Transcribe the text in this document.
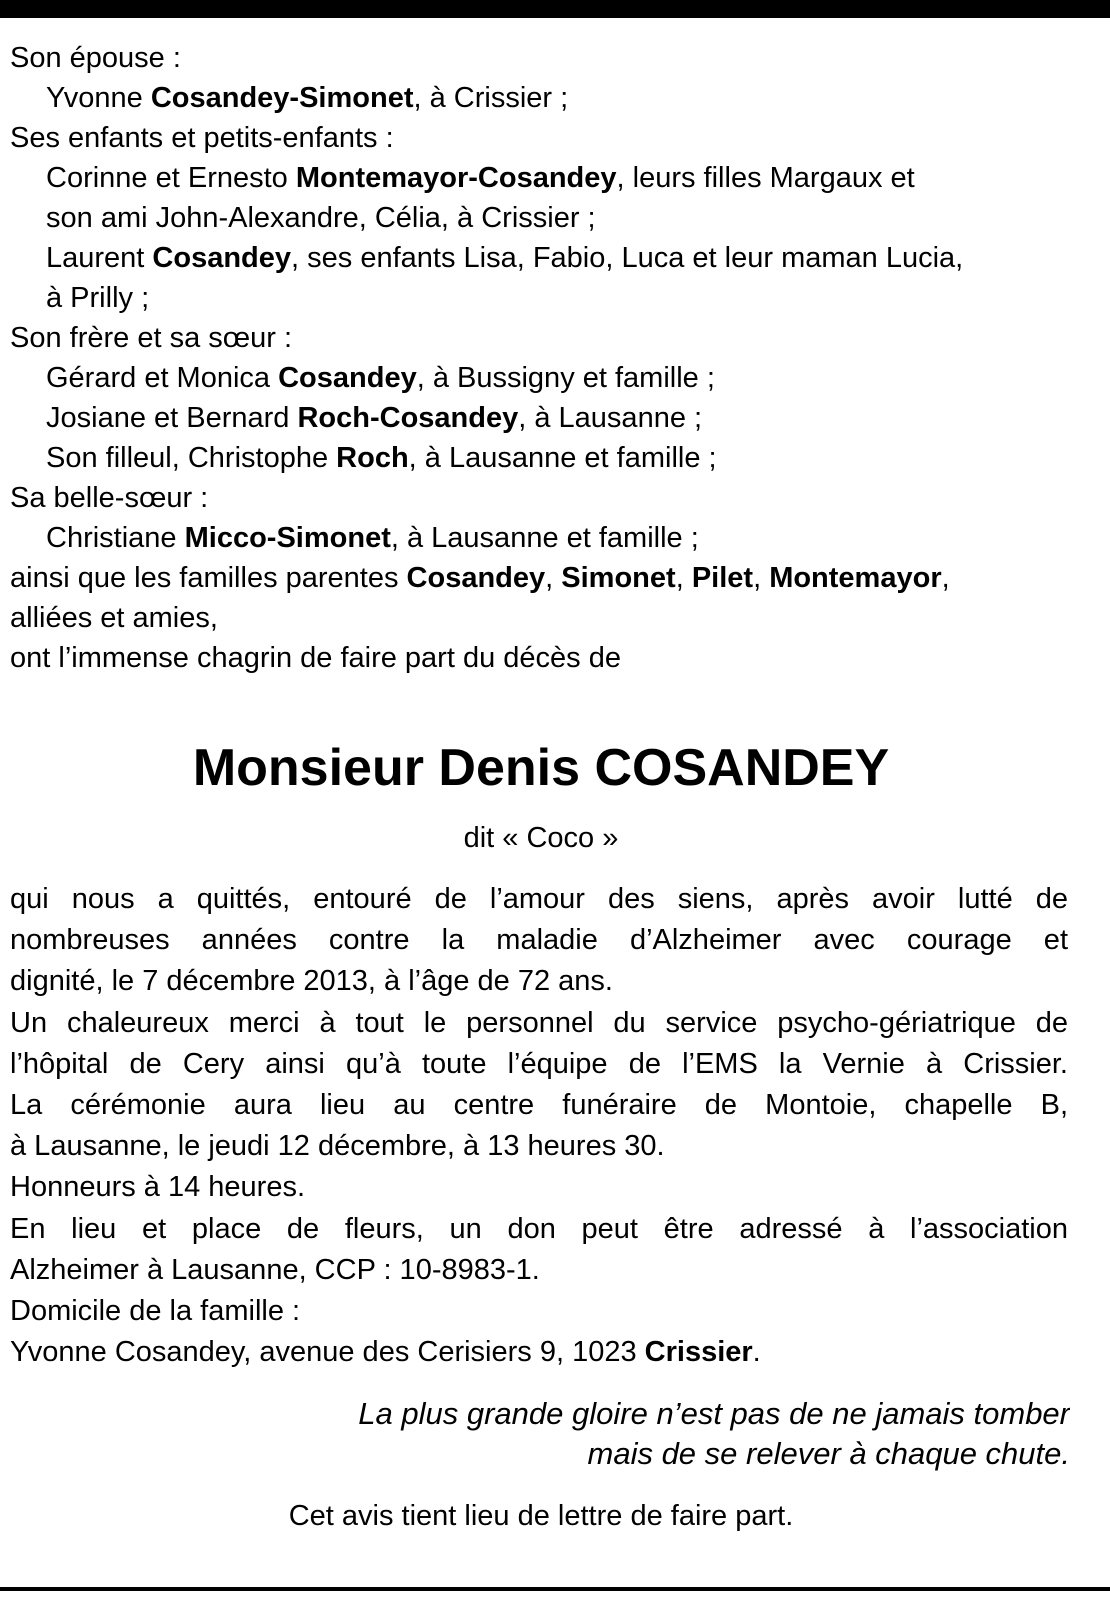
Son épouse :
Yvonne Cosandey-Simonet, à Crissier ;
Ses enfants et petits-enfants :
Corinne et Ernesto Montemayor-Cosandey, leurs filles Margaux et
son ami John-Alexandre, Célia, à Crissier ;
Laurent Cosandey, ses enfants Lisa, Fabio, Luca et leur maman Lucia,
à Prilly ;
Son frère et sa sœur :
Gérard et Monica Cosandey, à Bussigny et famille ;
Josiane et Bernard Roch-Cosandey, à Lausanne ;
Son filleul, Christophe Roch, à Lausanne et famille ;
Sa belle-sœur :
Christiane Micco-Simonet, à Lausanne et famille ;
ainsi que les familles parentes Cosandey, Simonet, Pilet, Montemayor,
alliées et amies,
ont l’immense chagrin de faire part du décès de
Monsieur Denis COSANDEY
dit « Coco »
qui nous a quittés, entouré de l’amour des siens, après avoir lutté de
nombreuses années contre la maladie d’Alzheimer avec courage et
dignité, le 7 décembre 2013, à l’âge de 72 ans.
Un chaleureux merci à tout le personnel du service psycho-gériatrique de
l’hôpital de Cery ainsi qu’à toute l’équipe de l’EMS la Vernie à Crissier.
La cérémonie aura lieu au centre funéraire de Montoie, chapelle B,
à Lausanne, le jeudi 12 décembre, à 13 heures 30.
Honneurs à 14 heures.
En lieu et place de fleurs, un don peut être adressé à l’association
Alzheimer à Lausanne, CCP : 10-8983-1.
Domicile de la famille :
Yvonne Cosandey, avenue des Cerisiers 9, 1023 Crissier.
La plus grande gloire n’est pas de ne jamais tomber
mais de se relever à chaque chute.
Cet avis tient lieu de lettre de faire part.
